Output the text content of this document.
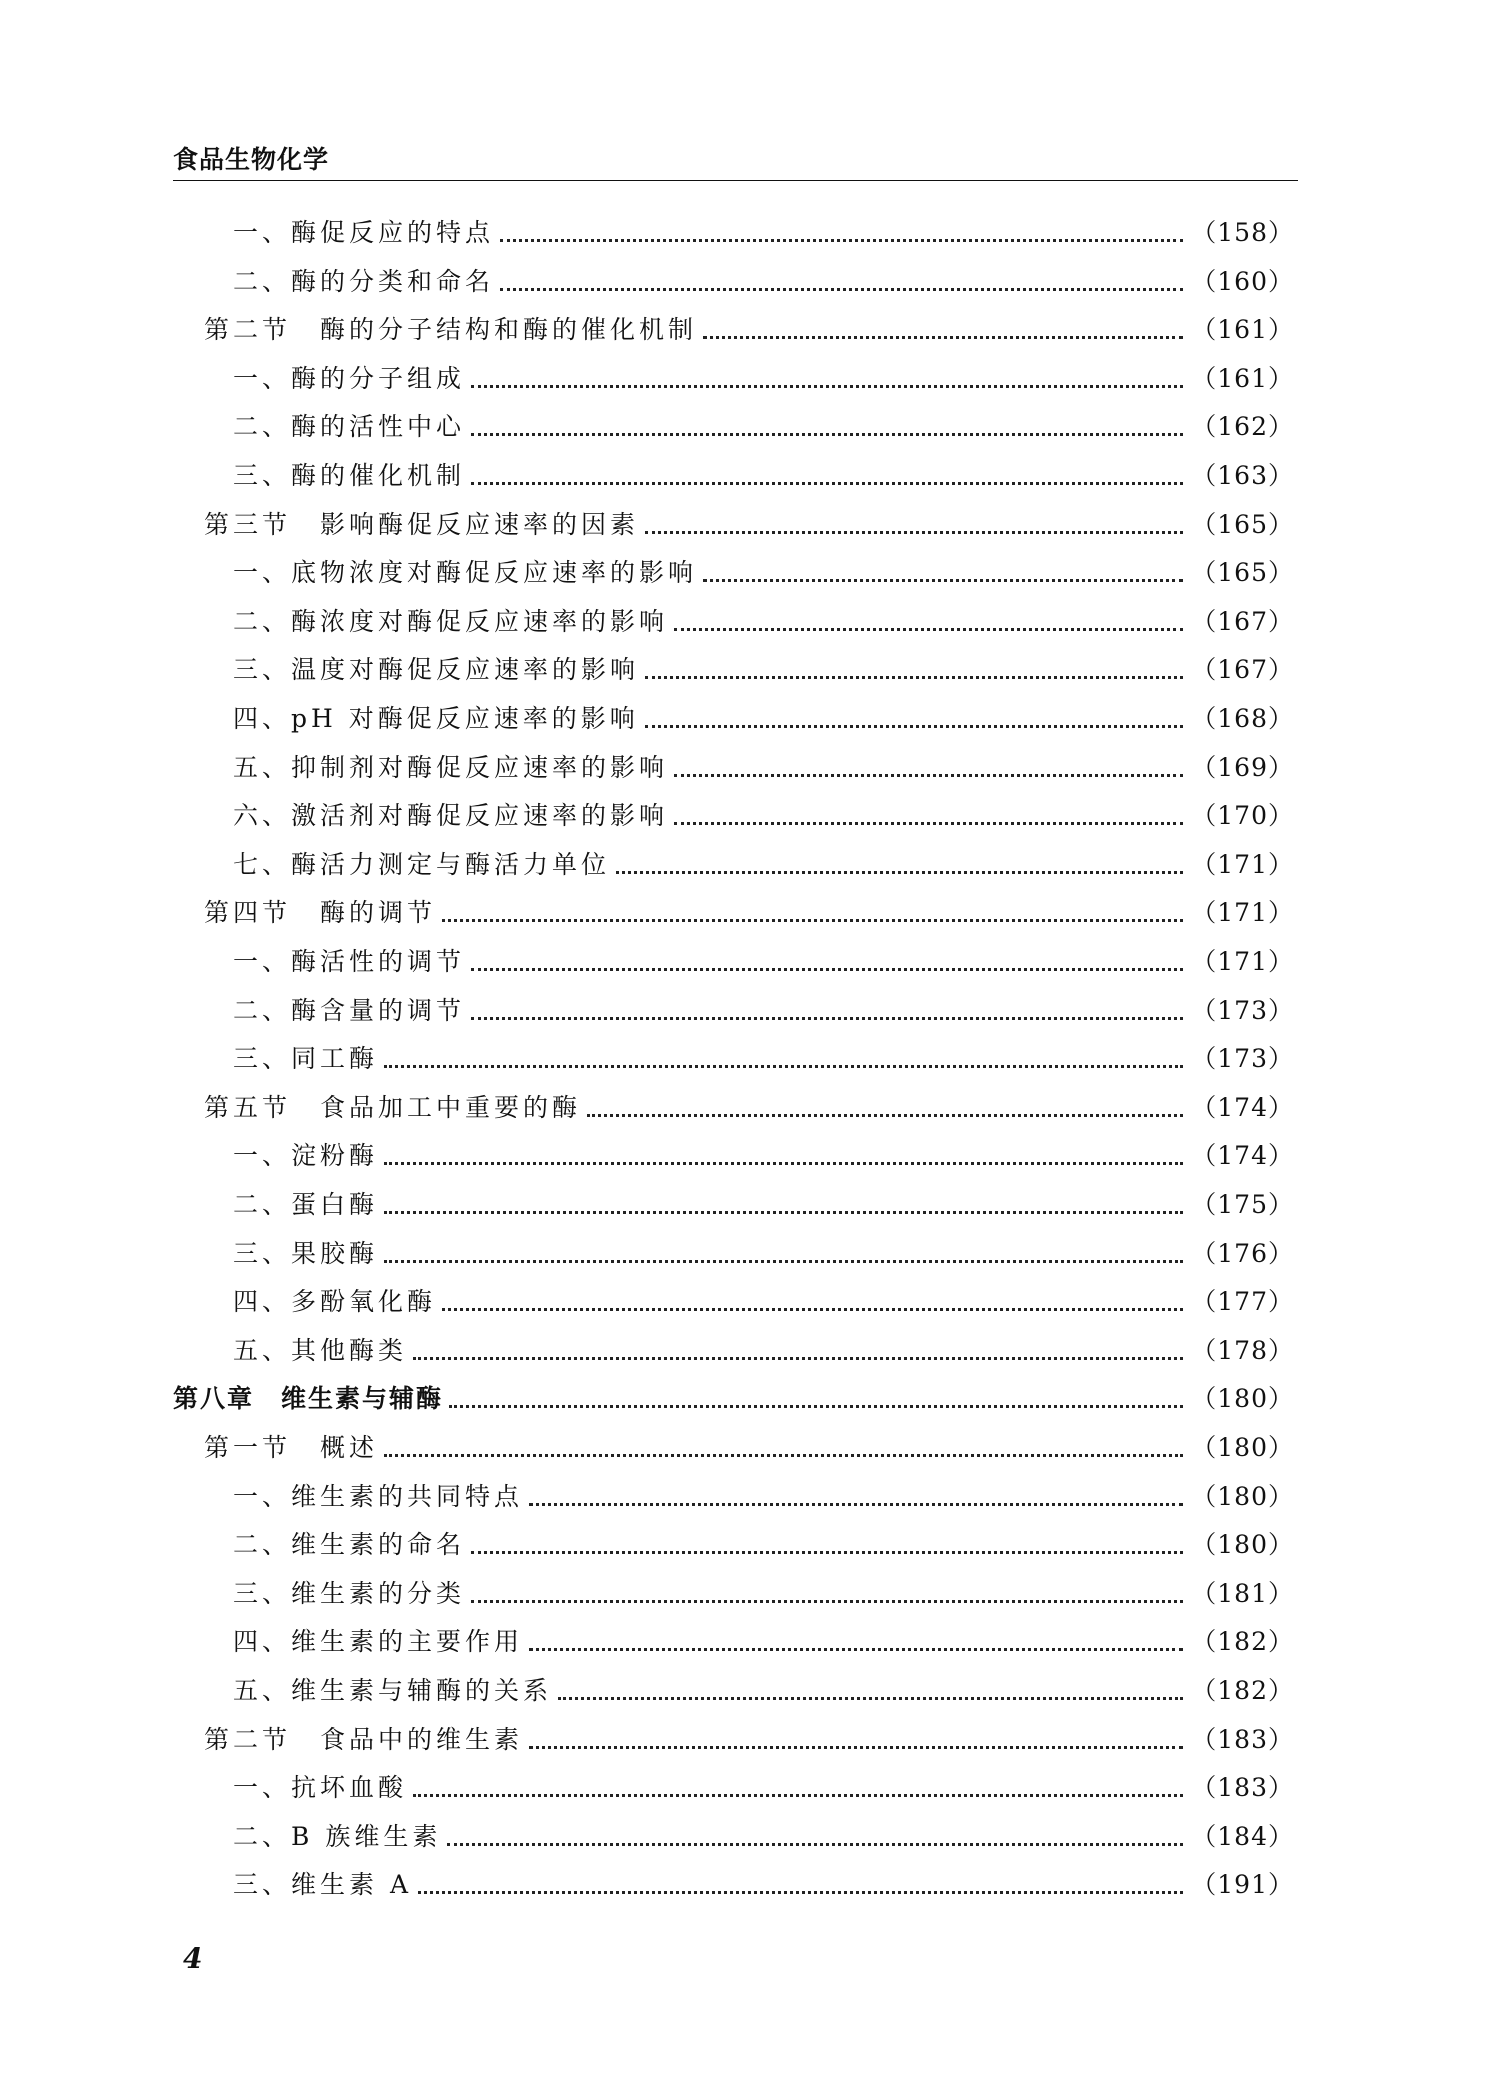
食品生物化学
一、酶促反应的特点	（158）
二、酶的分类和命名	（160）
第二节　酶的分子结构和酶的催化机制	（161）
一、酶的分子组成	（161）
二、酶的活性中心	（162）
三、酶的催化机制	（163）
第三节　影响酶促反应速率的因素	（165）
一、底物浓度对酶促反应速率的影响	（165）
二、酶浓度对酶促反应速率的影响	（167）
三、温度对酶促反应速率的影响	（167）
四、pH 对酶促反应速率的影响	（168）
五、抑制剂对酶促反应速率的影响	（169）
六、激活剂对酶促反应速率的影响	（170）
七、酶活力测定与酶活力单位	（171）
第四节　酶的调节	（171）
一、酶活性的调节	（171）
二、酶含量的调节	（173）
三、同工酶	（173）
第五节　食品加工中重要的酶	（174）
一、淀粉酶	（174）
二、蛋白酶	（175）
三、果胶酶	（176）
四、多酚氧化酶	（177）
五、其他酶类	（178）
第八章　维生素与辅酶	（180）
第一节　概述	（180）
一、维生素的共同特点	（180）
二、维生素的命名	（180）
三、维生素的分类	（181）
四、维生素的主要作用	（182）
五、维生素与辅酶的关系	（182）
第二节　食品中的维生素	（183）
一、抗坏血酸	（183）
二、B 族维生素	（184）
三、维生素 A	（191）
4
